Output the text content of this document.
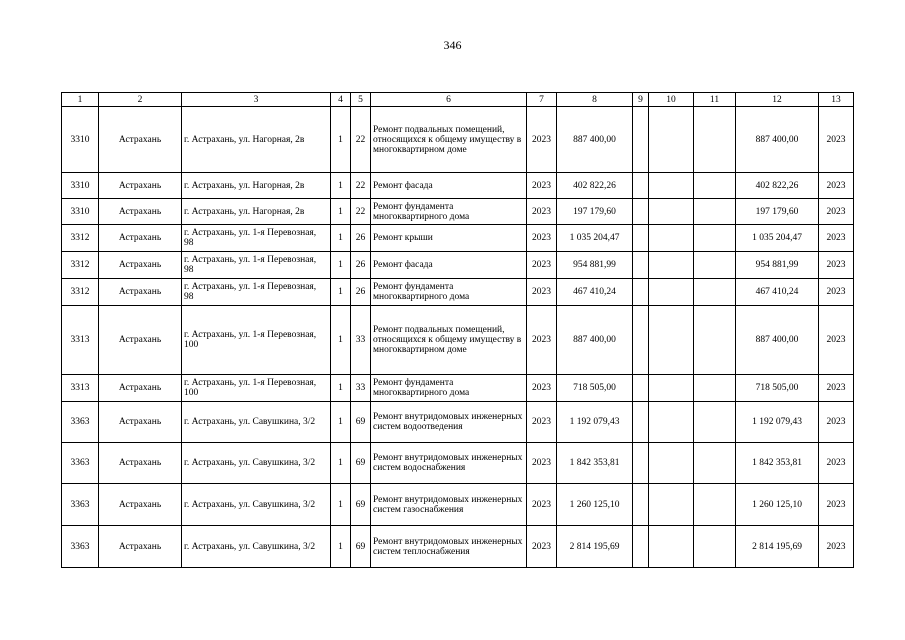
346
1	2	3	4	5	6	7	8	9	10	11	12	13
3310	Астрахань	г. Астрахань, ул. Нагорная, 2в	1	22	Ремонт подвальных помещений, относящихся к общему имуществу в многоквартирном доме	2023	887 400,00				887 400,00	2023
3310	Астрахань	г. Астрахань, ул. Нагорная, 2в	1	22	Ремонт фасада	2023	402 822,26				402 822,26	2023
3310	Астрахань	г. Астрахань, ул. Нагорная, 2в	1	22	Ремонт фундамента многоквартирного дома	2023	197 179,60				197 179,60	2023
3312	Астрахань	г. Астрахань, ул. 1-я Перевозная, 98	1	26	Ремонт крыши	2023	1 035 204,47				1 035 204,47	2023
3312	Астрахань	г. Астрахань, ул. 1-я Перевозная, 98	1	26	Ремонт фасада	2023	954 881,99				954 881,99	2023
3312	Астрахань	г. Астрахань, ул. 1-я Перевозная, 98	1	26	Ремонт фундамента многоквартирного дома	2023	467 410,24				467 410,24	2023
3313	Астрахань	г. Астрахань, ул. 1-я Перевозная, 100	1	33	Ремонт подвальных помещений, относящихся к общему имуществу в многоквартирном доме	2023	887 400,00				887 400,00	2023
3313	Астрахань	г. Астрахань, ул. 1-я Перевозная, 100	1	33	Ремонт фундамента многоквартирного дома	2023	718 505,00				718 505,00	2023
3363	Астрахань	г. Астрахань, ул. Савушкина, 3/2	1	69	Ремонт внутридомовых инженерных систем водоотведения	2023	1 192 079,43				1 192 079,43	2023
3363	Астрахань	г. Астрахань, ул. Савушкина, 3/2	1	69	Ремонт внутридомовых инженерных систем водоснабжения	2023	1 842 353,81				1 842 353,81	2023
3363	Астрахань	г. Астрахань, ул. Савушкина, 3/2	1	69	Ремонт внутридомовых инженерных систем газоснабжения	2023	1 260 125,10				1 260 125,10	2023
3363	Астрахань	г. Астрахань, ул. Савушкина, 3/2	1	69	Ремонт внутридомовых инженерных систем теплоснабжения	2023	2 814 195,69				2 814 195,69	2023
